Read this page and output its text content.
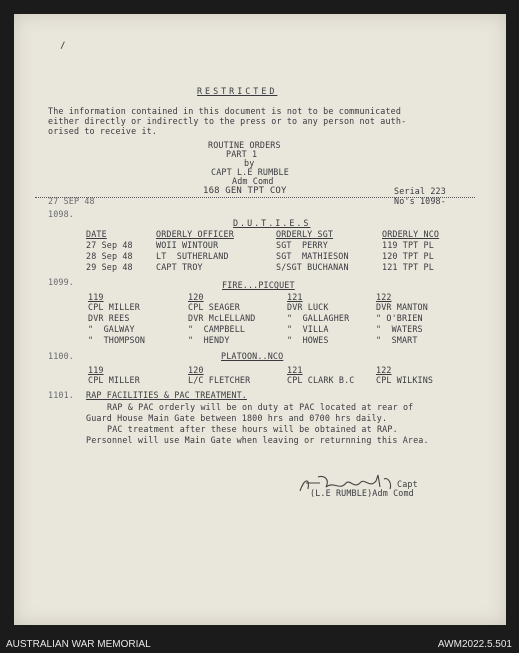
RESTRICTED
The information contained in this document is not to be communicated
either directly or indirectly to the press or to any person not auth-
orised to receive it.
ROUTINE ORDERS
PART 1
by
CAPT L.E RUMBLE
Adm Comd
168 GEN TPT COY
27 SEP 48
Serial 223
No's 1098-
1098.
D.U.T.I.E.S
DATE	ORDERLY OFFICER	ORDERLY SGT	ORDERLY NCO
27 Sep 48	WOII WINTOUR	SGT  PERRY	119 TPT PL
28 Sep 48	LT  SUTHERLAND	SGT  MATHIESON	120 TPT PL
29 Sep 48	CAPT TROY	S/SGT BUCHANAN	121 TPT PL
1099.	FIRE...PICQUET
119	120	121	122
CPL MILLER	CPL SEAGER	DVR LUCK	DVR MANTON
DVR REES	DVR McLELLAND	"  GALLAGHER	" O'BRIEN
"  GALWAY	"  CAMPBELL	"  VILLA	"  WATERS
"  THOMPSON	"  HENDY	"  HOWES	"  SMART
1100.	PLATOON..NCO
119	120	121	122
CPL MILLER	L/C FLETCHER	CPL CLARK B.C	CPL WILKINS
1101. RAP FACILITIES & PAC TREATMENT.
RAP & PAC orderly will be on duty at PAC located at rear of
Guard House Main Gate between 1800 hrs and 0700 hrs daily.
PAC treatment after these hours will be obtained at RAP.
Personnel will use Main Gate when leaving or returnning this Area.
Capt
(L.E RUMBLE)Adm Comd
AUSTRALIAN WAR MEMORIAL	AWM2022.5.501
